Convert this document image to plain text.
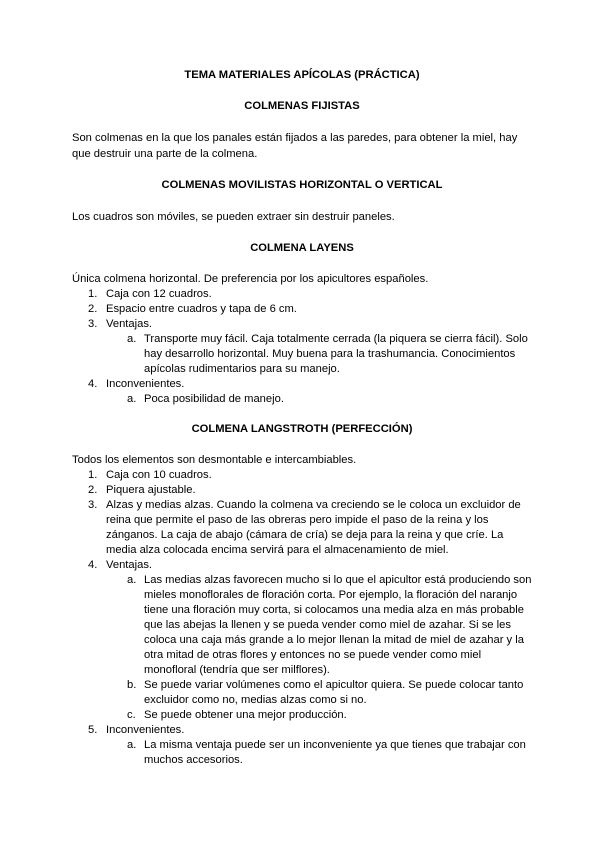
TEMA MATERIALES APÍCOLAS (PRÁCTICA)
COLMENAS FIJISTAS
Son colmenas en la que los panales están fijados a las paredes, para obtener la miel, hay que destruir una parte de la colmena.
COLMENAS MOVILISTAS HORIZONTAL O VERTICAL
Los cuadros son móviles, se pueden extraer sin destruir paneles.
COLMENA LAYENS
Única colmena horizontal. De preferencia por los apicultores españoles.
1. Caja con 12 cuadros.
2. Espacio entre cuadros y tapa de 6 cm.
3. Ventajas.
a. Transporte muy fácil. Caja totalmente cerrada (la piquera se cierra fácil). Solo hay desarrollo horizontal. Muy buena para la trashumancia. Conocimientos apícolas rudimentarios para su manejo.
4. Inconvenientes.
a. Poca posibilidad de manejo.
COLMENA LANGSTROTH (PERFECCIÓN)
Todos los elementos son desmontable e intercambiables.
1. Caja con 10 cuadros.
2. Piquera ajustable.
3. Alzas y medias alzas. Cuando la colmena va creciendo se le coloca un excluidor de reina que permite el paso de las obreras pero impide el paso de la reina y los zánganos. La caja de abajo (cámara de cría) se deja para la reina y que críe. La media alza colocada encima servirá para el almacenamiento de miel.
4. Ventajas.
a. Las medias alzas favorecen mucho si lo que el apicultor está produciendo son mieles monoflorales de floración corta. Por ejemplo, la floración del naranjo tiene una floración muy corta, si colocamos una media alza en más probable que las abejas la llenen y se pueda vender como miel de azahar. Si se les coloca una caja más grande a lo mejor llenan la mitad de miel de azahar y la otra mitad de otras flores y entonces no se puede vender como miel monofloral (tendría que ser milflores).
b. Se puede variar volúmenes como el apicultor quiera. Se puede colocar tanto excluidor como no, medias alzas como si no.
c. Se puede obtener una mejor producción.
5. Inconvenientes.
a. La misma ventaja puede ser un inconveniente ya que tienes que trabajar con muchos accesorios.
